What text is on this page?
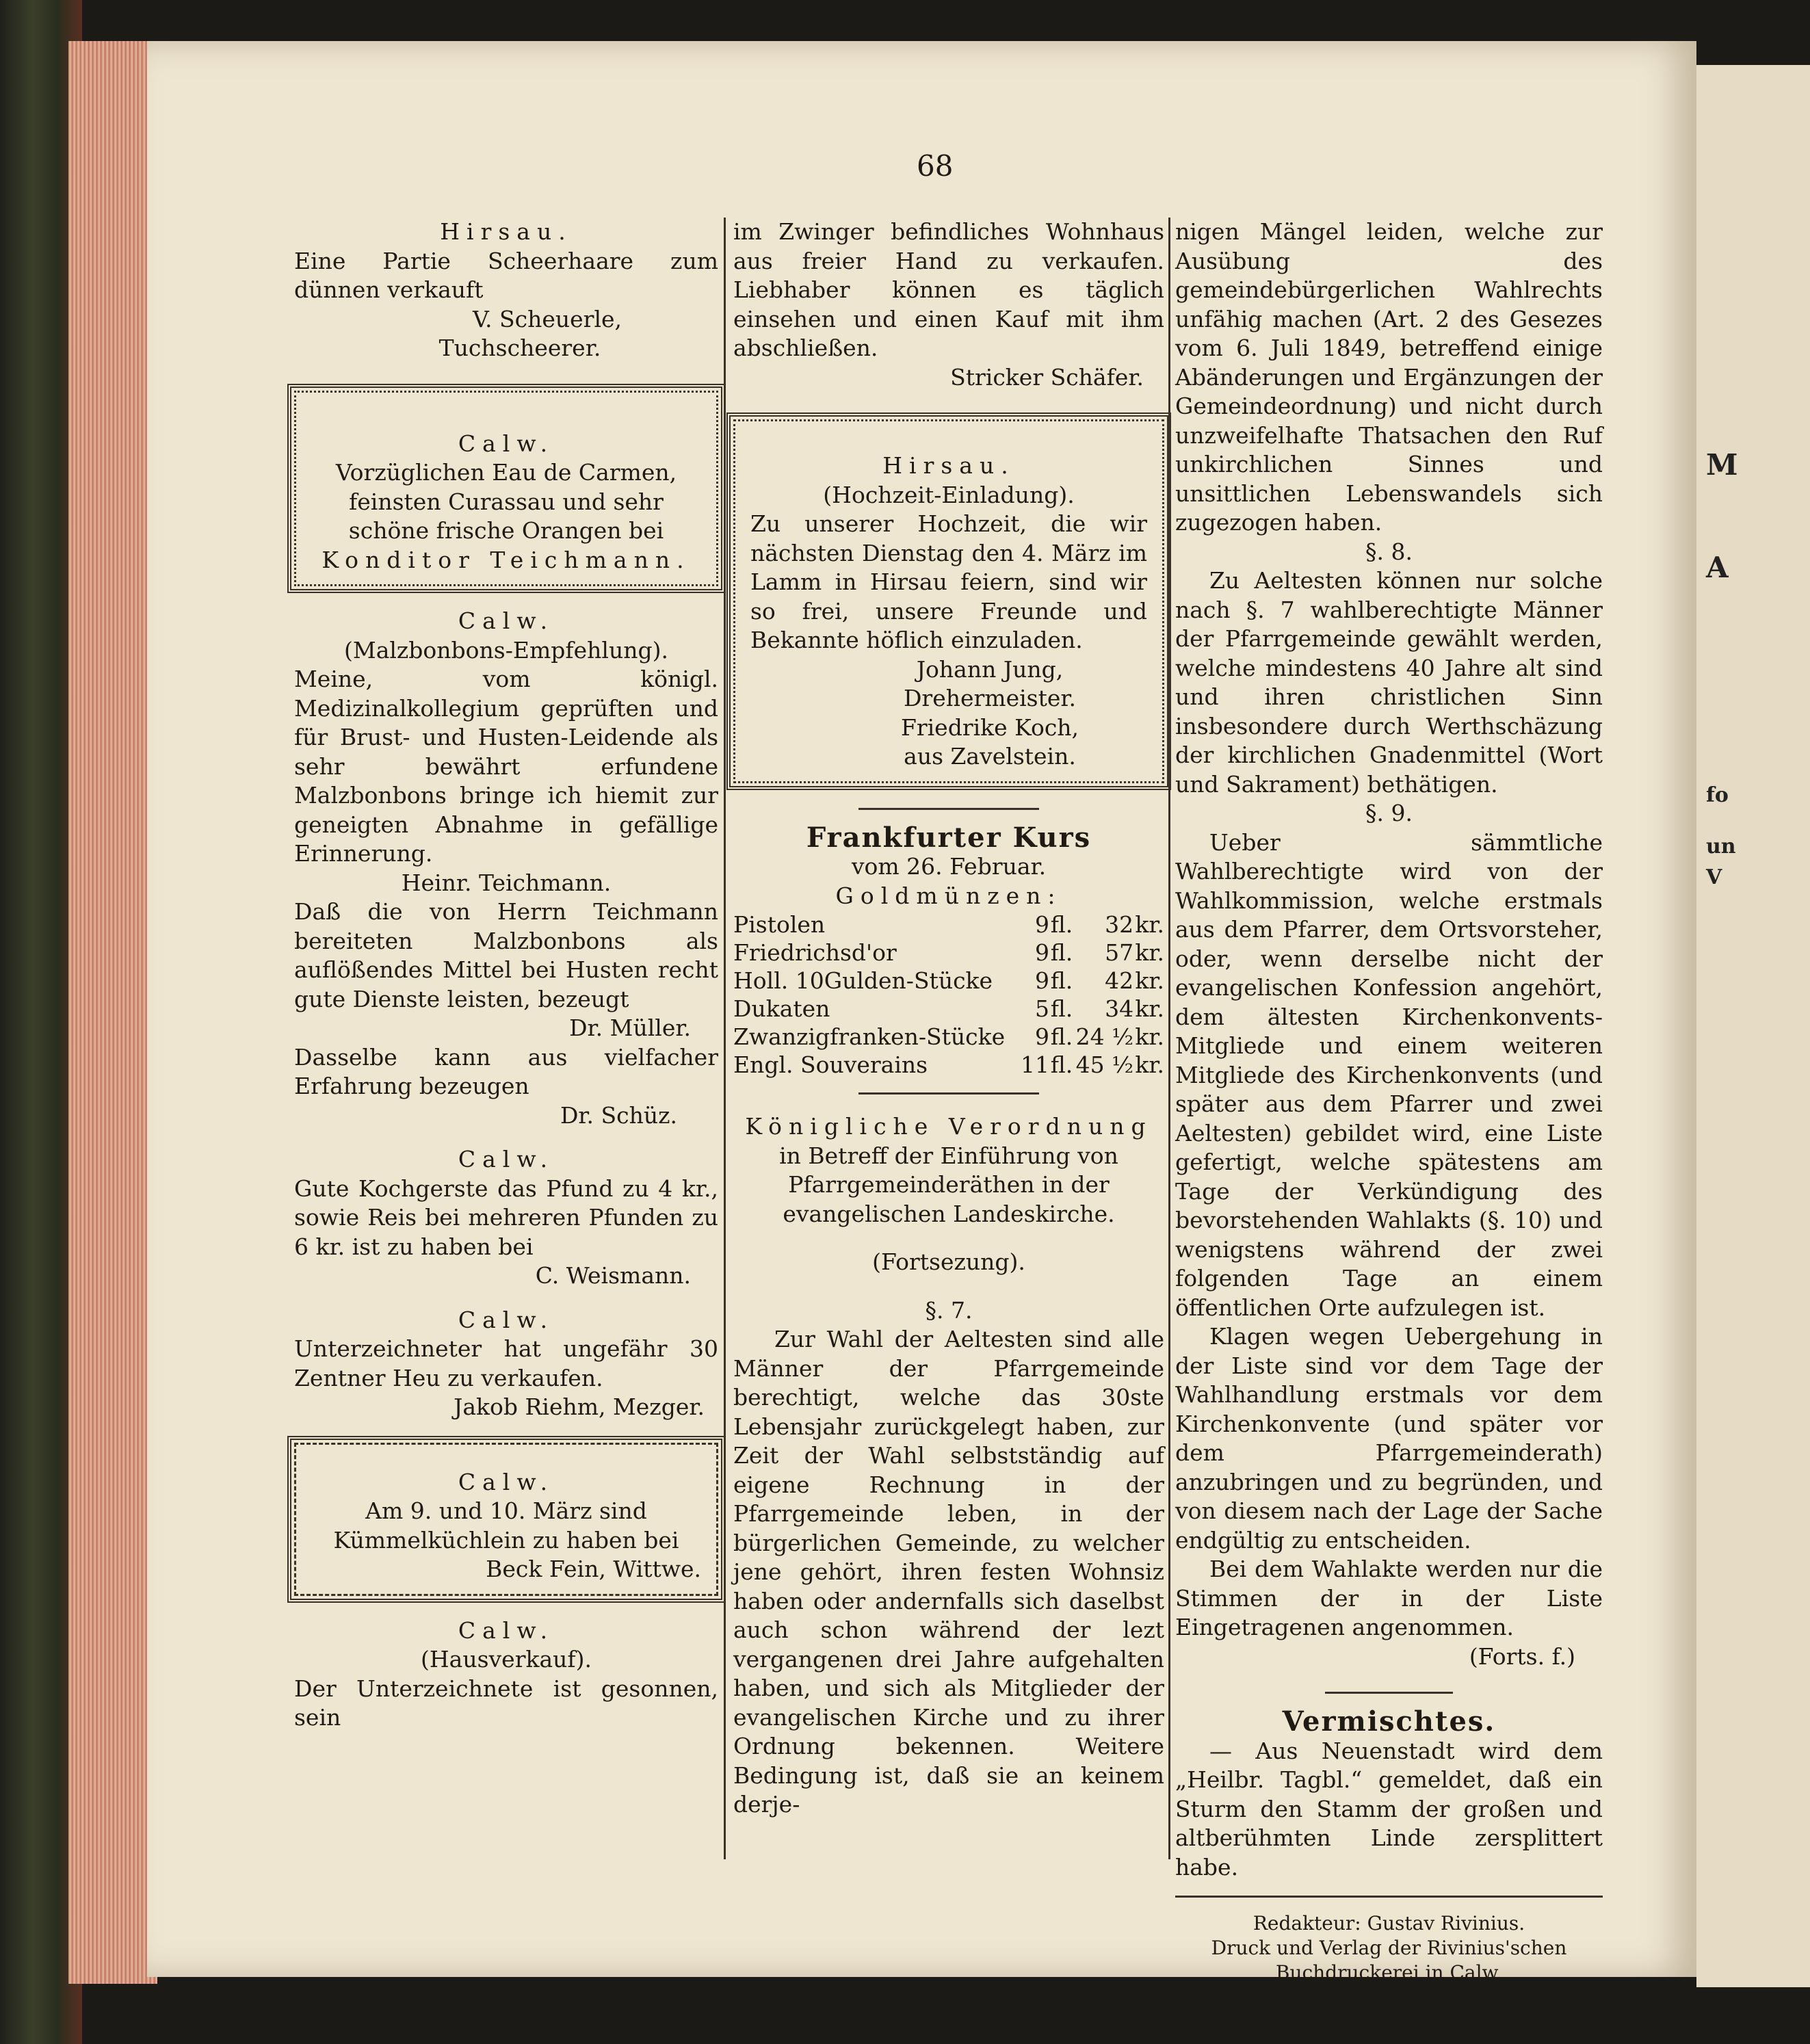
M
A
fo
un
V
68

Hirsau.

Eine Partie Scheerhaare zum dünnen verkauft

V. Scheuerle,

Tuchscheerer.

Calw.

Vorzüglichen Eau de Carmen, feinsten Curassau und sehr schöne frische Orangen bei

Konditor Teichmann.

Calw.

(Malzbonbons-Empfehlung).

Meine, vom königl. Medizinalkollegium geprüften und für Brust- und Husten-Leidende als sehr bewährt erfundene Malzbonbons bringe ich hiemit zur geneigten Abnahme in gefällige Erinnerung.

Heinr. Teichmann.

Daß die von Herrn Teichmann bereiteten Malzbonbons als auflößendes Mittel bei Husten recht gute Dienste leisten, bezeugt

Dr. Müller.

Dasselbe kann aus vielfacher Erfahrung bezeugen

Dr. Schüz.

Calw.

Gute Kochgerste das Pfund zu 4 kr., sowie Reis bei mehreren Pfunden zu 6 kr. ist zu haben bei

C. Weismann.

Calw.

Unterzeichneter hat ungefähr 30 Zentner Heu zu verkaufen.

Jakob Riehm, Mezger.

Calw.

Am 9. und 10. März sind Kümmelküchlein zu haben bei

Beck Fein, Wittwe.

Calw.

(Hausverkauf).

Der Unterzeichnete ist gesonnen, sein

im Zwinger befindliches Wohnhaus aus freier Hand zu verkaufen. Liebhaber können es täglich einsehen und einen Kauf mit ihm abschließen.

Stricker Schäfer.

Hirsau.

(Hochzeit-Einladung).

Zu unserer Hochzeit, die wir nächsten Dienstag den 4. März im Lamm in Hirsau feiern, sind wir so frei, unsere Freunde und Bekannte höflich einzuladen.

Johann Jung,

Drehermeister.

Friedrike Koch,

aus Zavelstein.

Frankfurter Kurs

vom 26. Februar.

Goldmünzen:

Pistolen	9	fl.	32	kr.
Friedrichsd'or	9	fl.	57	kr.
Holl. 10Gulden-Stücke	9	fl.	42	kr.
Dukaten	5	fl.	34	kr.
Zwanzigfranken-Stücke	9	fl.	24 ½	kr.
Engl. Souverains	11	fl.	45 ½	kr.

Königliche Verordnung

in Betreff der Einführung von Pfarrgemeinderäthen in der evangelischen Landeskirche.

(Fortsezung).

§. 7.

Zur Wahl der Aeltesten sind alle Männer der Pfarrgemeinde berechtigt, welche das 30ste Lebensjahr zurückgelegt haben, zur Zeit der Wahl selbstständig auf eigene Rechnung in der Pfarrgemeinde leben, in der bürgerlichen Gemeinde, zu welcher jene gehört, ihren festen Wohnsiz haben oder andernfalls sich daselbst auch schon während der lezt vergangenen drei Jahre aufgehalten haben, und sich als Mitglieder der evangelischen Kirche und zu ihrer Ordnung bekennen. Weitere Bedingung ist, daß sie an keinem derje-

nigen Mängel leiden, welche zur Ausübung des gemeindebürgerlichen Wahlrechts unfähig machen (Art. 2 des Gesezes vom 6. Juli 1849, betreffend einige Abänderungen und Ergänzungen der Gemeindeordnung) und nicht durch unzweifelhafte Thatsachen den Ruf unkirchlichen Sinnes und unsittlichen Lebenswandels sich zugezogen haben.

§. 8.

Zu Aeltesten können nur solche nach §. 7 wahlberechtigte Männer der Pfarrgemeinde gewählt werden, welche mindestens 40 Jahre alt sind und ihren christlichen Sinn insbesondere durch Werthschäzung der kirchlichen Gnadenmittel (Wort und Sakrament) bethätigen.

§. 9.

Ueber sämmtliche Wahlberechtigte wird von der Wahlkommission, welche erstmals aus dem Pfarrer, dem Ortsvorsteher, oder, wenn derselbe nicht der evangelischen Konfession angehört, dem ältesten Kirchenkonvents-Mitgliede und einem weiteren Mitgliede des Kirchenkonvents (und später aus dem Pfarrer und zwei Aeltesten) gebildet wird, eine Liste gefertigt, welche spätestens am Tage der Verkündigung des bevorstehenden Wahlakts (§. 10) und wenigstens während der zwei folgenden Tage an einem öffentlichen Orte aufzulegen ist.

Klagen wegen Uebergehung in der Liste sind vor dem Tage der Wahlhandlung erstmals vor dem Kirchenkonvente (und später vor dem Pfarrgemeinderath) anzubringen und zu begründen, und von diesem nach der Lage der Sache endgültig zu entscheiden.

Bei dem Wahlakte werden nur die Stimmen der in der Liste Eingetragenen angenommen.

(Forts. f.)

Vermischtes.

— Aus Neuenstadt wird dem „Heilbr. Tagbl.“ gemeldet, daß ein Sturm den Stamm der großen und altberühmten Linde zersplittert habe.

Redakteur: Gustav Rivinius.

Druck und Verlag der Rivinius'schen Buchdruckerei in Calw.
